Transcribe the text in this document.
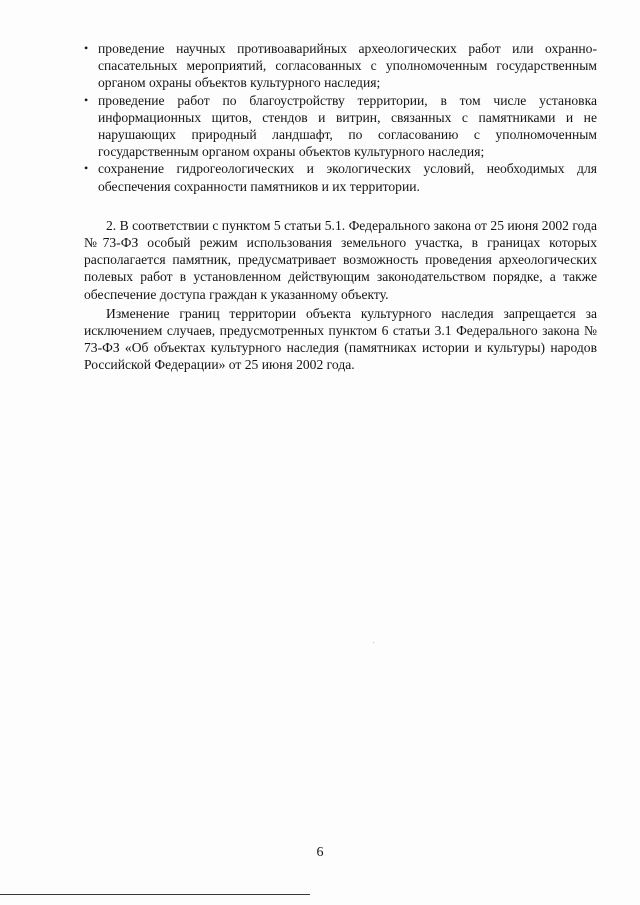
• проведение научных противоаварийных археологических работ или охранно-спасательных мероприятий, согласованных с уполномоченным государственным органом охраны объектов культурного наследия;
• проведение работ по благоустройству территории, в том числе установка информационных щитов, стендов и витрин, связанных с памятниками и не нарушающих природный ландшафт, по согласованию с уполномоченным государственным органом охраны объектов культурного наследия;
• сохранение гидрогеологических и экологических условий, необходимых для обеспечения сохранности памятников и их территории.

2. В соответствии с пунктом 5 статьи 5.1. Федерального закона от 25 июня 2002 года №73-ФЗ особый режим использования земельного участка, в границах которых располагается памятник, предусматривает возможность проведения археологических полевых работ в установленном действующим законодательством порядке, а также обеспечение доступа граждан к указанному объекту.

Изменение границ территории объекта культурного наследия запрещается за исключением случаев, предусмотренных пунктом 6 статьи 3.1 Федерального закона № 73-ФЗ «Об объектах культурного наследия (памятниках истории и культуры) народов Российской Федерации» от 25 июня 2002 года.

6
